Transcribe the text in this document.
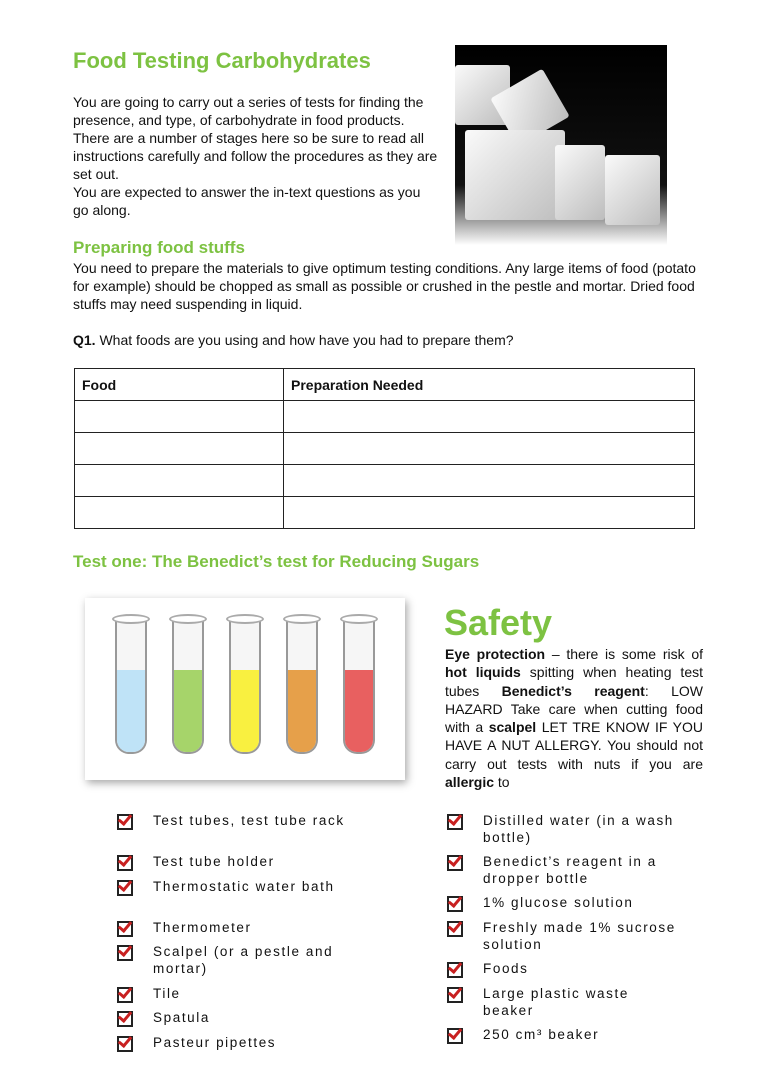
Food Testing Carbohydrates
You are going to carry out a series of tests for finding the presence, and type, of carbohydrate in food products. There are a number of stages here so be sure to read all instructions carefully and follow the procedures as they are set out.
You are expected to answer the in-text questions as you go along.
Preparing food stuffs
You need to prepare the materials to give optimum testing conditions. Any large items of food (potato for example) should be chopped as small as possible or crushed in the pestle and mortar. Dried food stuffs may need suspending in liquid.
Q1. What foods are you using and how have you had to prepare them?
Food	Preparation Needed

Test one: The Benedict’s test for Reducing Sugars
Safety
Eye protection – there is some risk of hot liquids spitting when heating test tubes Benedict’s reagent: LOW HAZARD Take care when cutting food with a scalpel LET TRE KNOW IF YOU HAVE A NUT ALLERGY. You should not carry out tests with nuts if you are allergic to
Test tubes, test tube rack
Test tube holder
Thermostatic water bath
Thermometer
Scalpel (or a pestle and mortar)
Tile
Spatula
Pasteur pipettes
Distilled water (in a wash bottle)
Benedict’s reagent in a dropper bottle
1% glucose solution
Freshly made 1% sucrose solution
Foods
Large plastic waste beaker
250 cm³ beaker
